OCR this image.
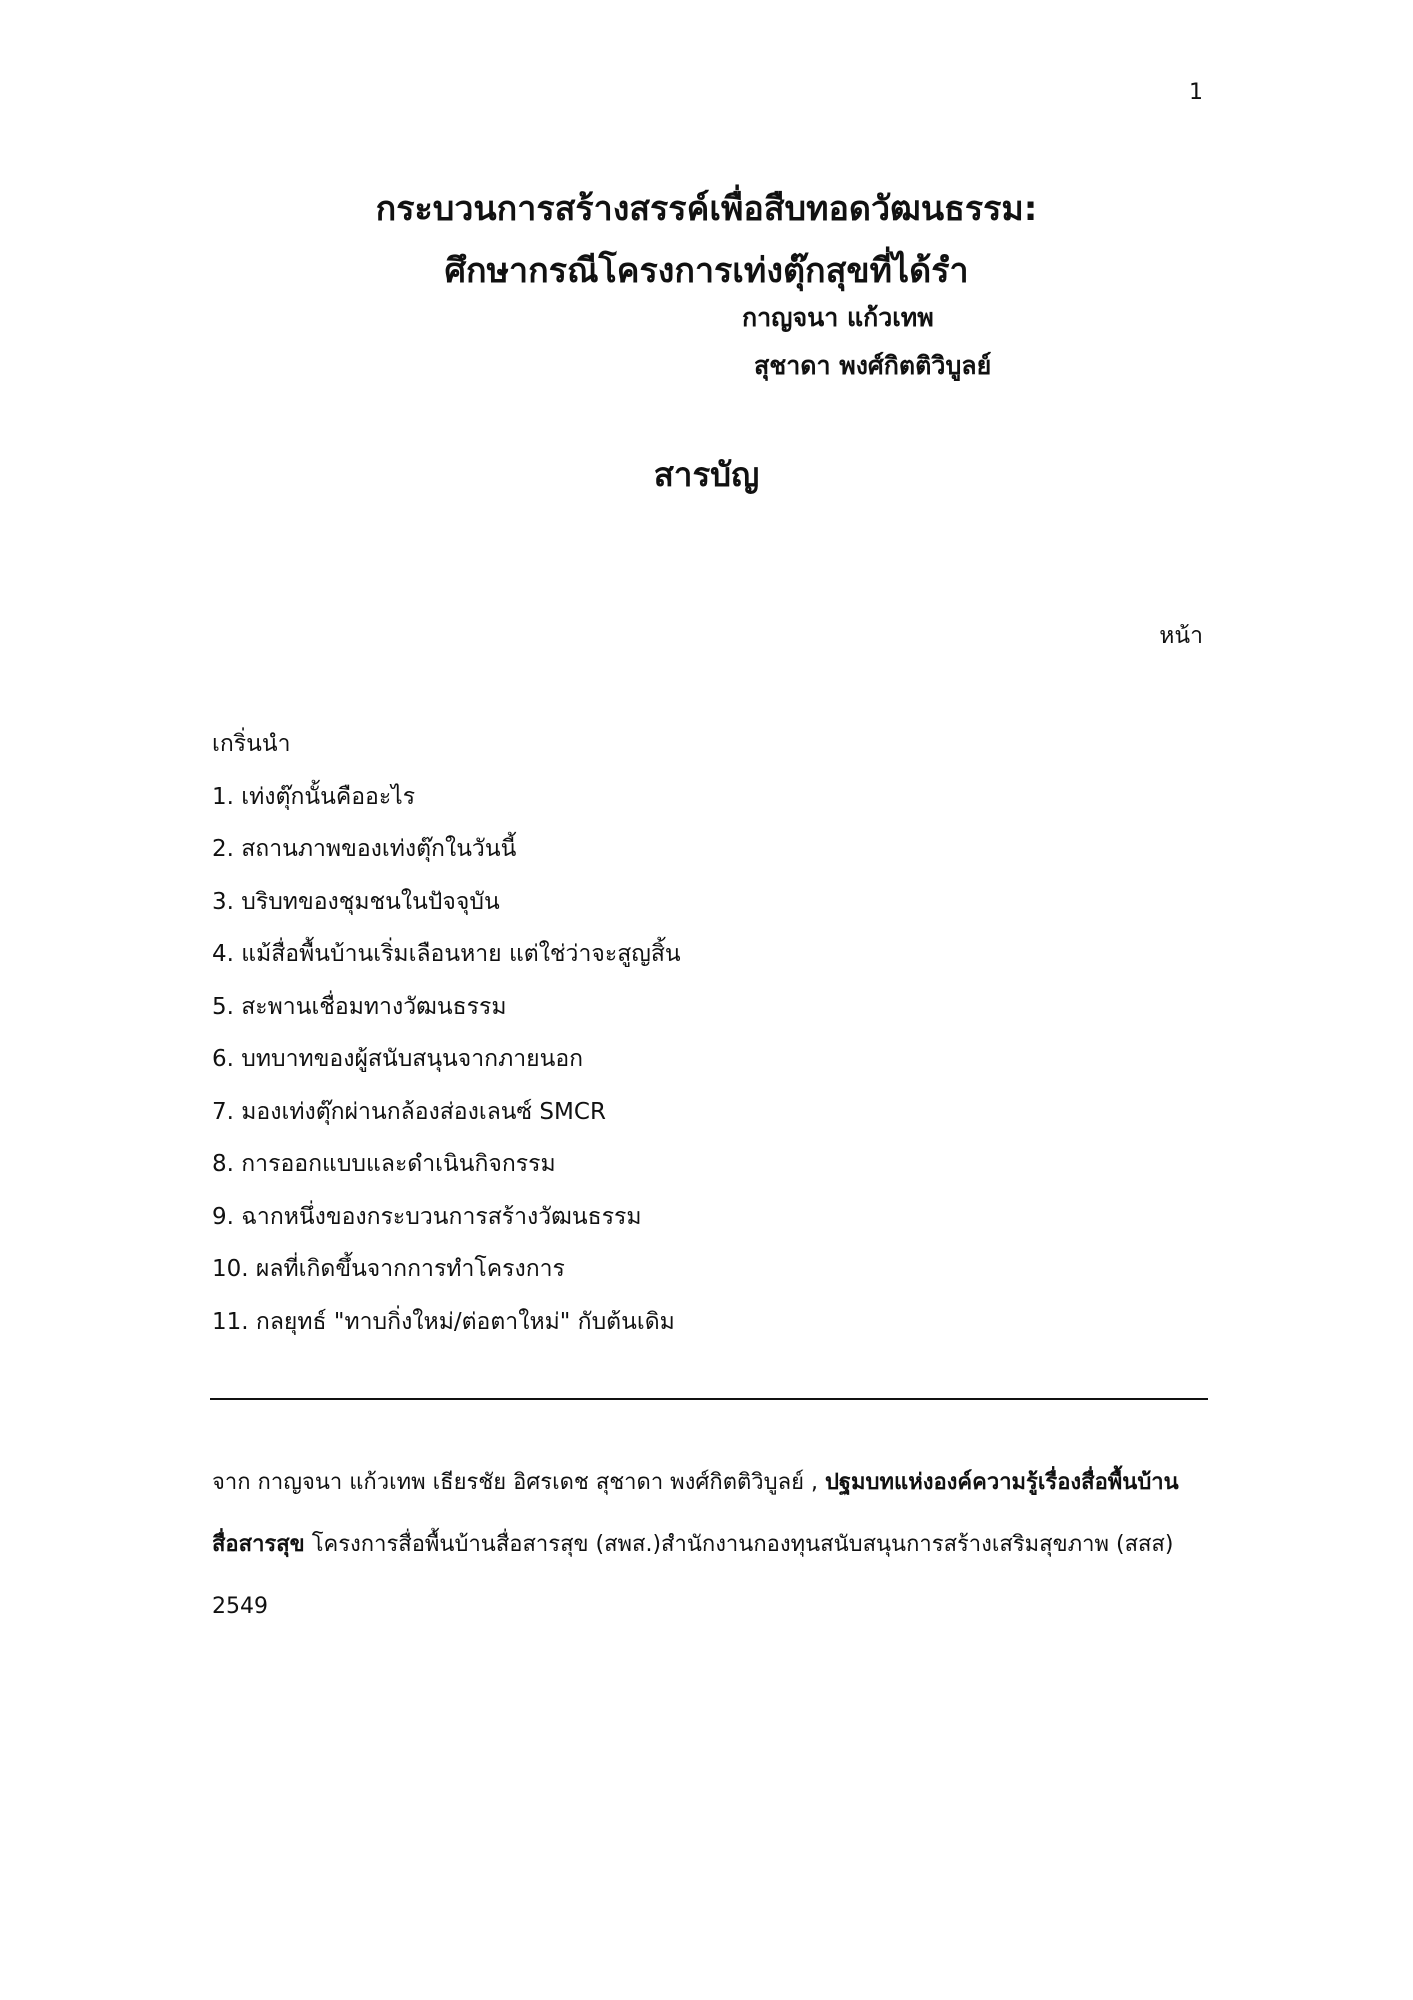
1
กระบวนการสร้างสรรค์เพื่อสืบทอดวัฒนธรรม:
ศึกษากรณีโครงการเท่งตุ๊กสุขที่ได้รำ
กาญจนา แก้วเทพ
สุชาดา พงศ์กิตติวิบูลย์
สารบัญ
หน้า
เกริ่นนำ
1. เท่งตุ๊กนั้นคืออะไร
2. สถานภาพของเท่งตุ๊กในวันนี้
3. บริบทของชุมชนในปัจจุบัน
4. แม้สื่อพื้นบ้านเริ่มเลือนหาย แต่ใช่ว่าจะสูญสิ้น
5. สะพานเชื่อมทางวัฒนธรรม
6. บทบาทของผู้สนับสนุนจากภายนอก
7. มองเท่งตุ๊กผ่านกล้องส่องเลนซ์ SMCR
8. การออกแบบและดำเนินกิจกรรม
9. ฉากหนึ่งของกระบวนการสร้างวัฒนธรรม
10. ผลที่เกิดขึ้นจากการทำโครงการ
11. กลยุทธ์ "ทาบกิ่งใหม่/ต่อตาใหม่" กับต้นเดิม
จาก กาญจนา แก้วเทพ เธียรชัย อิศรเดช สุชาดา พงศ์กิตติวิบูลย์ , ปฐมบทแห่งองค์ความรู้เรื่องสื่อพื้นบ้านสื่อสารสุข โครงการสื่อพื้นบ้านสื่อสารสุข (สพส.)สำนักงานกองทุนสนับสนุนการสร้างเสริมสุขภาพ (สสส) 2549
